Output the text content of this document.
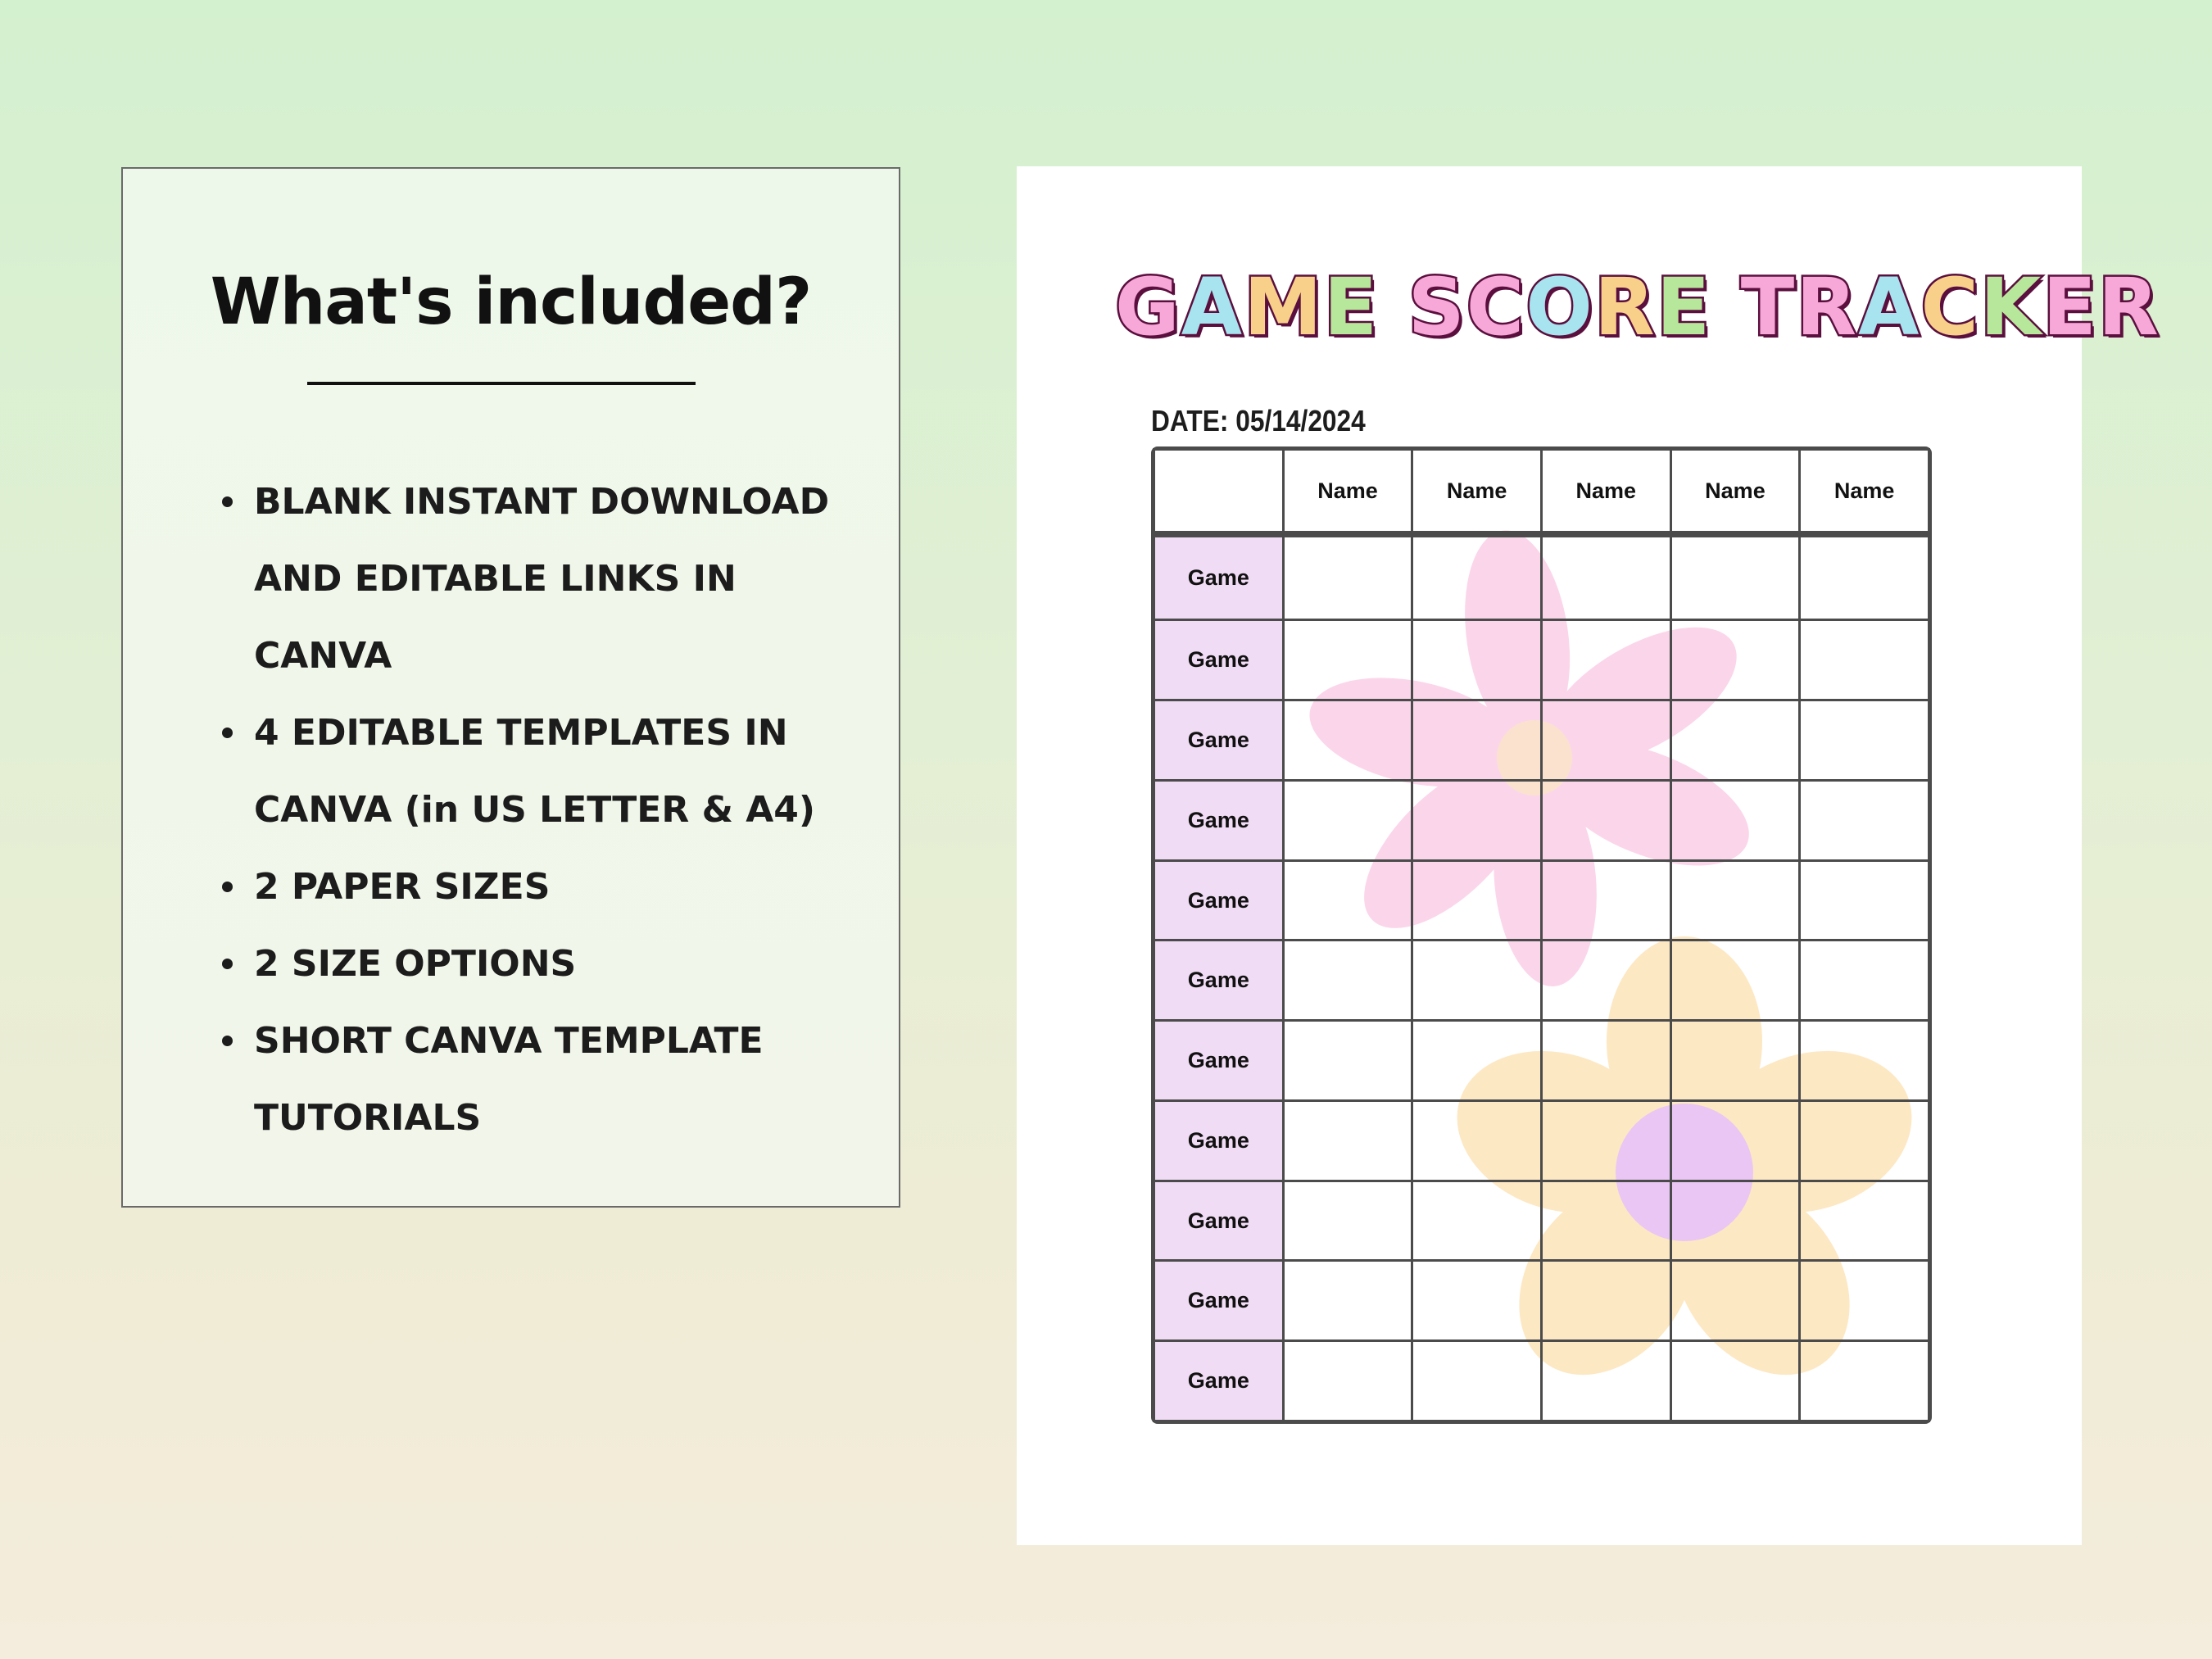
What's included?
BLANK INSTANT DOWNLOAD AND EDITABLE LINKS IN CANVA
4 EDITABLE TEMPLATES IN CANVA (in US LETTER & A4)
2 PAPER SIZES
2 SIZE OPTIONS
SHORT CANVA TEMPLATE TUTORIALS
GAME SCORE TRACKER
DATE: 05/14/2024
	Name	Name	Name	Name	Name
Game					
Game					
Game					
Game					
Game					
Game					
Game					
Game					
Game					
Game					
Game					
